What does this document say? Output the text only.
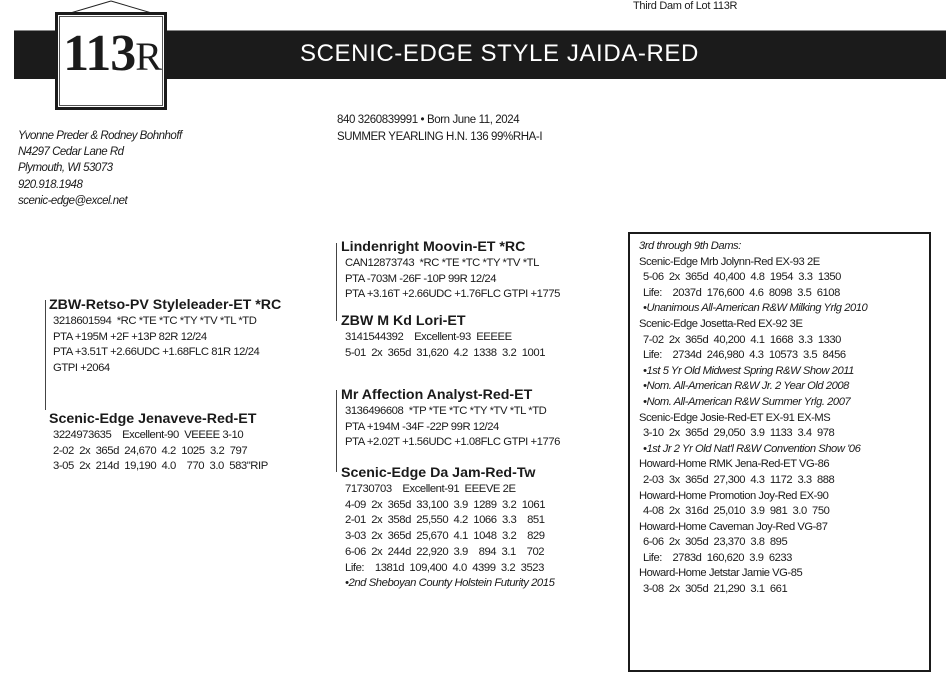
Third Dam of Lot 113R
SCENIC-EDGE STYLE JAIDA-RED
113R
Yvonne Preder & Rodney Bohnhoff
N4297 Cedar Lane Rd
Plymouth, WI 53073
920.918.1948
scenic-edge@excel.net
840 3260839991 • Born June 11, 2024
SUMMER YEARLING H.N. 136 99%RHA-I
ZBW-Retso-PV Styleleader-ET *RC
3218601594  *RC *TE *TC *TY *TV *TL *TD
PTA +195M +2F +13P 82R 12/24
PTA +3.51T +2.66UDC +1.68FLC 81R 12/24
GTPI +2064
Scenic-Edge Jenaveve-Red-ET
3224973635    Excellent-90  VEEEE 3-10
2-02  2x  365d  24,670  4.2  1025  3.2  797
3-05  2x  214d  19,190  4.0    770  3.0  583"RIP
Lindenright Moovin-ET *RC
CAN12873743  *RC *TE *TC *TY *TV *TL
PTA -703M -26F -10P 99R 12/24
PTA +3.16T +2.66UDC +1.76FLC GTPI +1775
ZBW M Kd Lori-ET
3141544392    Excellent-93  EEEEE
5-01  2x  365d  31,620  4.2  1338  3.2  1001
Mr Affection Analyst-Red-ET
3136496608  *TP *TE *TC *TY *TV *TL *TD
PTA +194M -34F -22P 99R 12/24
PTA +2.02T +1.56UDC +1.08FLC GTPI +1776
Scenic-Edge Da Jam-Red-Tw
71730703    Excellent-91  EEEVE 2E
4-09  2x  365d  33,100  3.9  1289  3.2  1061
2-01  2x  358d  25,550  4.2  1066  3.3    851
3-03  2x  365d  25,670  4.1  1048  3.2    829
6-06  2x  244d  22,920  3.9    894  3.1    702
Life:    1381d  109,400  4.0  4399  3.2  3523
•2nd Sheboyan County Holstein Futurity 2015
3rd through 9th Dams:
Scenic-Edge Mrb Jolynn-Red EX-93 2E
5-06  2x  365d  40,400  4.8  1954  3.3  1350
Life:    2037d  176,600  4.6  8098  3.5  6108
•Unanimous All-American R&W Milking Yrlg 2010
Scenic-Edge Josetta-Red EX-92 3E
7-02  2x  365d  40,200  4.1  1668  3.3  1330
Life:    2734d  246,980  4.3  10573  3.5  8456
•1st 5 Yr Old Midwest Spring R&W Show 2011
•Nom. All-American R&W Jr. 2 Year Old 2008
•Nom. All-American R&W Summer Yrlg. 2007
Scenic-Edge Josie-Red-ET EX-91 EX-MS
3-10  2x  365d  29,050  3.9  1133  3.4  978
•1st Jr 2 Yr Old Nat'l R&W Convention Show '06
Howard-Home RMK Jena-Red-ET VG-86
2-03  3x  365d  27,300  4.3  1172  3.3  888
Howard-Home Promotion Joy-Red EX-90
4-08  2x  316d  25,010  3.9  981  3.0  750
Howard-Home Caveman Joy-Red VG-87
6-06  2x  305d  23,370  3.8  895
Life:    2783d  160,620  3.9  6233
Howard-Home Jetstar Jamie VG-85
3-08  2x  305d  21,290  3.1  661
